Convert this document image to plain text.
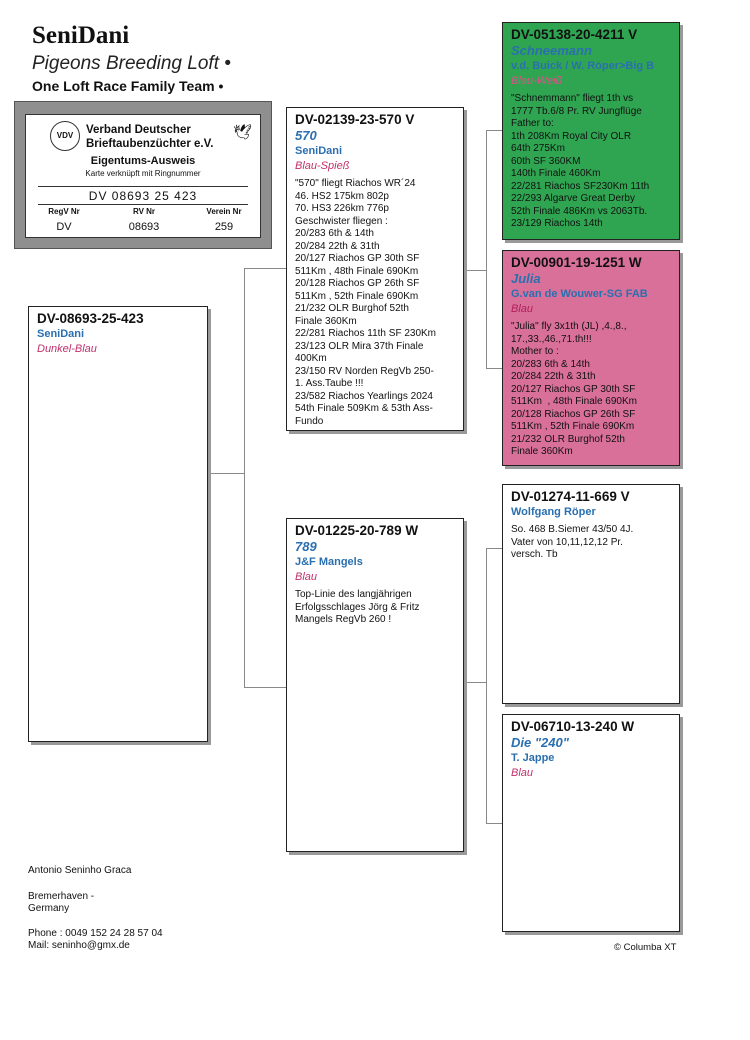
SeniDani
Pigeons Breeding Loft •
One Loft Race Family Team •
VDV	Verband Deutscher
Brieftaubenzüchter e.V.
🕊
Eigentums-Ausweis
Karte verknüpft mit Ringnummer
DV 08693 25 423
RegV Nr	RV Nr	Verein Nr
DV	08693	259
DV-08693-25-423
SeniDani
Dunkel-Blau
DV-02139-23-570 V
570
SeniDani
Blau-Spieß
"570" fliegt Riachos WR´24
46. HS2 175km 802p
70. HS3 226km 776p
Geschwister fliegen :
20/283 6th & 14th
20/284 22th & 31th
20/127 Riachos GP 30th SF
511Km , 48th Finale 690Km
20/128 Riachos GP 26th SF
511Km , 52th Finale 690Km
21/232 OLR Burghof 52th
Finale 360Km
22/281 Riachos 11th SF 230Km
23/123 OLR Mira 37th Finale
400Km
23/150 RV Norden RegVb 250-
1. Ass.Taube !!!
23/582 Riachos Yearlings 2024
54th Finale 509Km & 53th Ass-
Fundo
DV-01225-20-789 W
789
J&F Mangels
Blau
Top-Linie des langjährigen
Erfolgsschlages Jörg & Fritz
Mangels RegVb 260 !
DV-05138-20-4211 V
Schneemann
v.d. Buick / W. Röper>Big B
Blau-Weiß
"Schnemmann" fliegt 1th vs
1777 Tb.6/8 Pr. RV Jungflüge
Father to:
1th 208Km Royal City OLR
64th 275Km
60th SF 360KM
140th Finale 460Km
22/281 Riachos SF230Km 11th
22/293 Algarve Great Derby
52th Finale 486Km vs 2063Tb.
23/129 Riachos 14th
DV-00901-19-1251 W
Julia
G.van de Wouwer-SG FAB
Blau
"Julia" fly 3x1th (JL) ,4.,8.,
17.,33.,46.,71.th!!!
Mother to :
20/283 6th & 14th
20/284 22th & 31th
20/127 Riachos GP 30th SF
511Km  , 48th Finale 690Km
20/128 Riachos GP 26th SF
511Km , 52th Finale 690Km
21/232 OLR Burghof 52th
Finale 360Km
DV-01274-11-669 V
Wolfgang Röper
So. 468 B.Siemer 43/50 4J.
Vater von 10,11,12,12 Pr.
versch. Tb
DV-06710-13-240 W
Die "240"
T. Jappe
Blau
Antonio Seninho Graca
Bremerhaven -
Germany
Phone : 0049 152 24 28 57 04
Mail: seninho@gmx.de	© Columba XT
